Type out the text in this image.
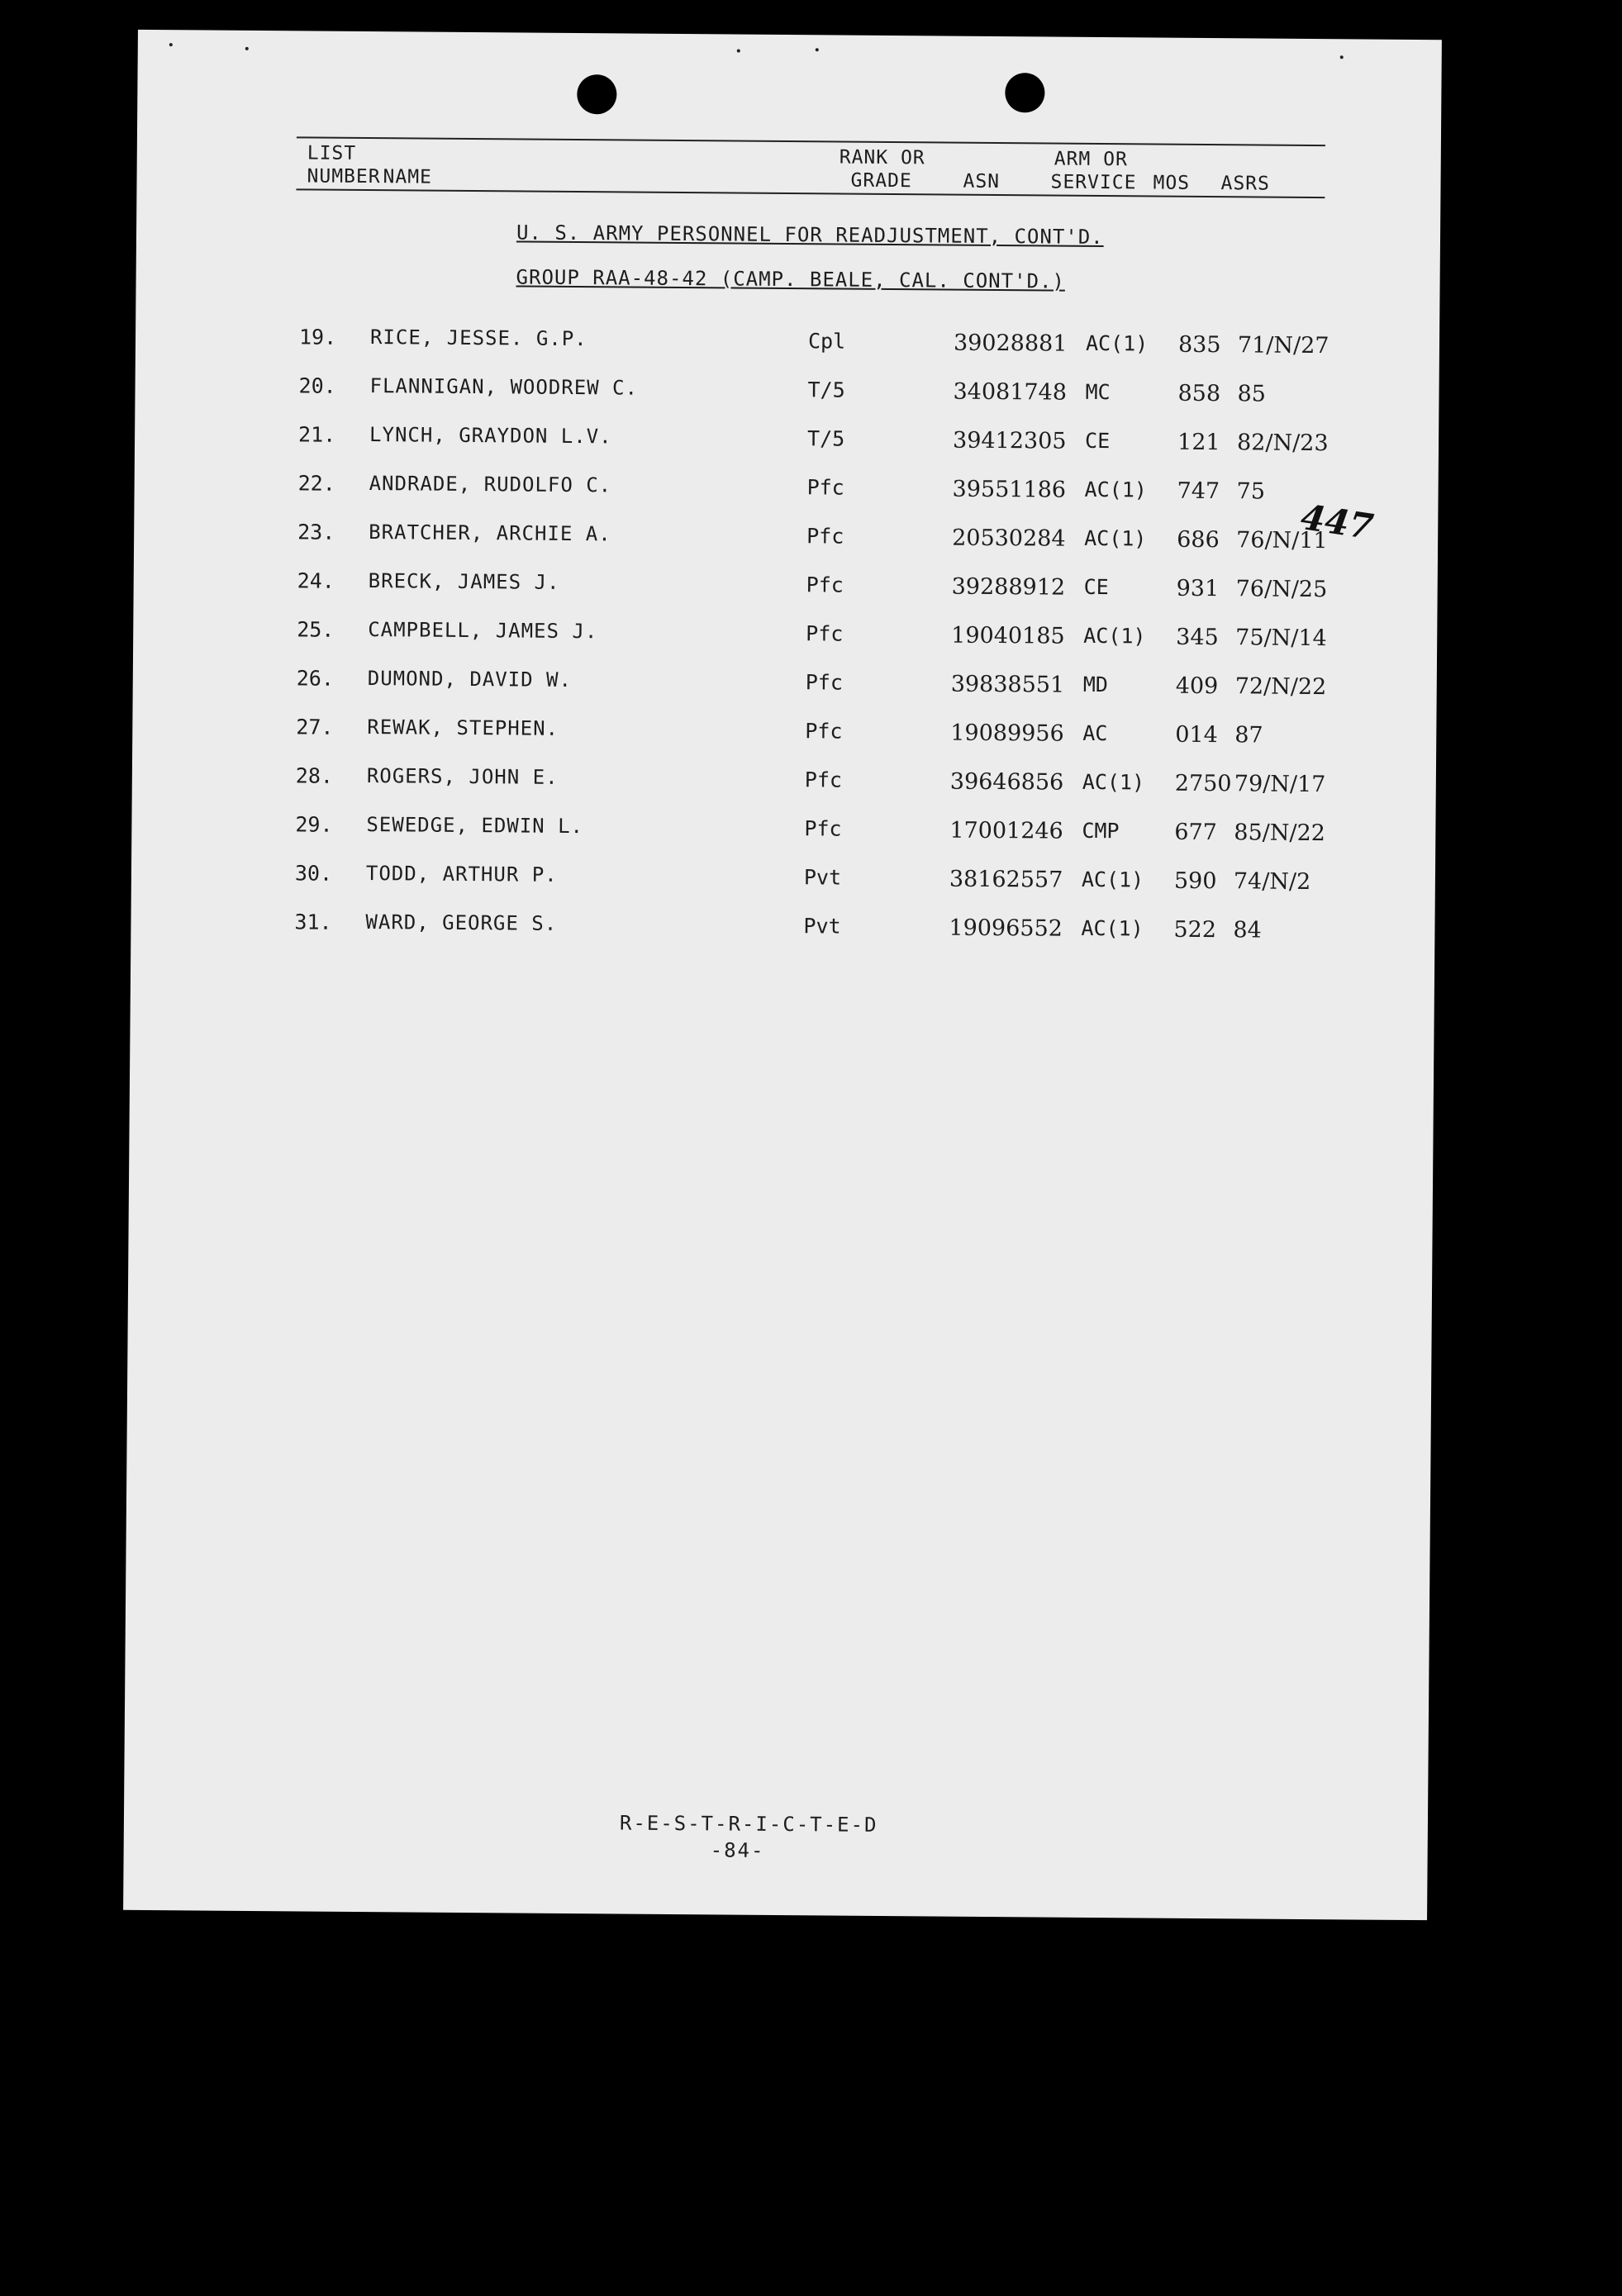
LIST
NUMBER NAME
RANK OR
GRADE	ASN
ARM OR
SERVICE MOS ASRS
U. S. ARMY PERSONNEL FOR READJUSTMENT, CONT'D.
GROUP RAA-48-42 (CAMP. BEALE, CAL. CONT'D.)
19. RICE, JESSE. G.P.	Cpl	39028881 AC(1) 835 71/N/27
20. FLANNIGAN, WOODREW C.	T/5	34081748 MC	858 85
21. LYNCH, GRAYDON L.V.	T/5	39412305 CE	121 82/N/23
22. ANDRADE, RUDOLFO C.	Pfc	39551186 AC(1) 747 75
23. BRATCHER, ARCHIE A.	Pfc	20530284 AC(1) 686 76/N/11
24. BRECK, JAMES J.	Pfc	39288912 CE	931 76/N/25
25. CAMPBELL, JAMES J.	Pfc	19040185 AC(1) 345 75/N/14
26. DUMOND, DAVID W.	Pfc	39838551 MD	409 72/N/22
27. REWAK, STEPHEN.	Pfc	19089956 AC	014 87
28. ROGERS, JOHN E.	Pfc	39646856 AC(1) 2750 79/N/17
29. SEWEDGE, EDWIN L.	Pfc	17001246 CMP 677 85/N/22
30. TODD, ARTHUR P.	Pvt	38162557 AC(1) 590 74/N/2
31. WARD, GEORGE S.	Pvt	19096552 AC(1) 522 84
447
R-E-S-T-R-I-C-T-E-D
-84-
